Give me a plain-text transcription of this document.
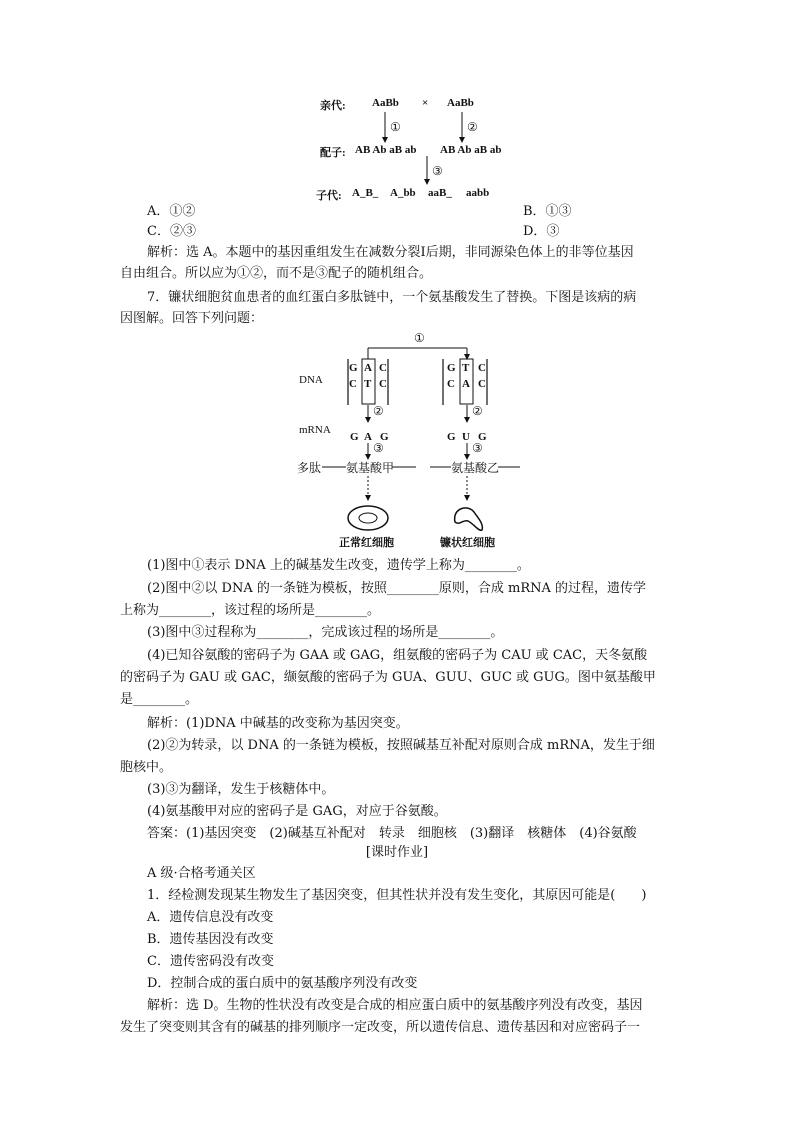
亲代: AaBb × AaBb
①	②
配子: AB Ab aB ab AB Ab aB ab
③
子代: A_B_ A_bb aaB_ aabb
A．①②	B．①③
C．②③	D．③
解析：选 A。本题中的基因重组发生在减数分裂Ⅰ后期，非同源染色体上的非等位基因
自由组合。所以应为①②，而不是③配子的随机组合。
7．镰状细胞贫血患者的血红蛋白多肽链中，一个氨基酸发生了替换。下图是该病的病
因图解。回答下列问题：
①
DNA
G A C
C T C
G T C
C A C
②	②
mRNA
G A G	G U G
③	③
多肽 氨基酸甲	氨基酸乙
正常红细胞	镰状红细胞
(1)图中①表示 DNA 上的碱基发生改变，遗传学上称为________。
(2)图中②以 DNA 的一条链为模板，按照________原则，合成 mRNA 的过程，遗传学
上称为________，该过程的场所是________。
(3)图中③过程称为________，完成该过程的场所是________。
(4)已知谷氨酸的密码子为 GAA 或 GAG，组氨酸的密码子为 CAU 或 CAC，天冬氨酸
的密码子为 GAU 或 GAC，缬氨酸的密码子为 GUA、GUU、GUC 或 GUG。图中氨基酸甲
是________。
解析：(1)DNA 中碱基的改变称为基因突变。
(2)②为转录，以 DNA 的一条链为模板，按照碱基互补配对原则合成 mRNA，发生于细
胞核中。
(3)③为翻译，发生于核糖体中。
(4)氨基酸甲对应的密码子是 GAG，对应于谷氨酸。
答案：(1)基因突变　(2)碱基互补配对　转录　细胞核　(3)翻译　核糖体　(4)谷氨酸
[课时作业]
A 级·合格考通关区
1．经检测发现某生物发生了基因突变，但其性状并没有发生变化，其原因可能是(　　)
A．遗传信息没有改变
B．遗传基因没有改变
C．遗传密码没有改变
D．控制合成的蛋白质中的氨基酸序列没有改变
解析：选 D。生物的性状没有改变是合成的相应蛋白质中的氨基酸序列没有改变，基因
发生了突变则其含有的碱基的排列顺序一定改变，所以遗传信息、遗传基因和对应密码子一
